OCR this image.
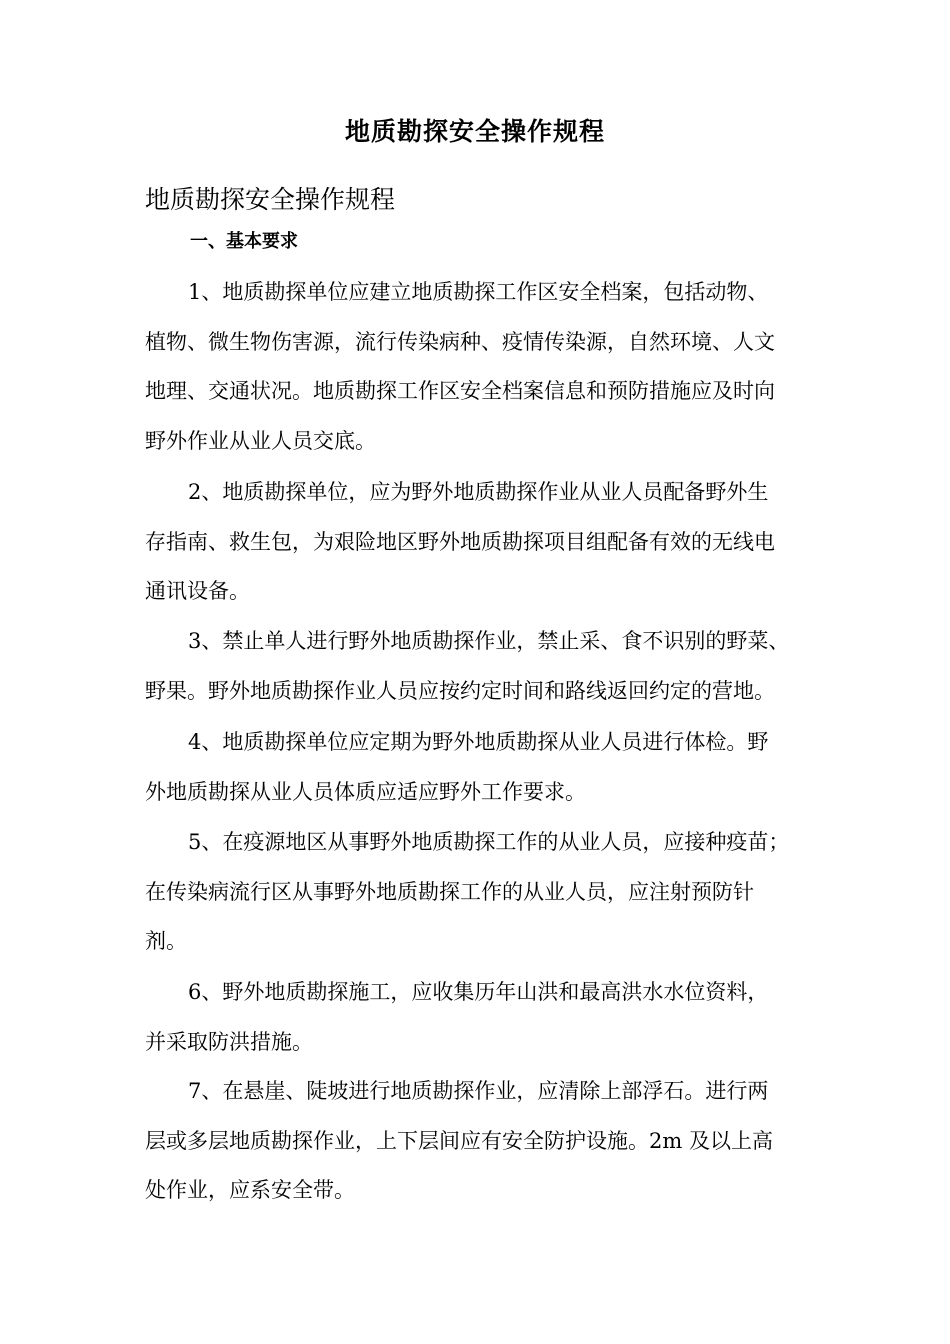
地质勘探安全操作规程
地质勘探安全操作规程
一、基本要求
1、地质勘探单位应建立地质勘探工作区安全档案，包括动物、
植物、微生物伤害源，流行传染病种、疫情传染源，自然环境、人文
地理、交通状况。地质勘探工作区安全档案信息和预防措施应及时向
野外作业从业人员交底。
2、地质勘探单位，应为野外地质勘探作业从业人员配备野外生
存指南、救生包，为艰险地区野外地质勘探项目组配备有效的无线电
通讯设备。
3、禁止单人进行野外地质勘探作业，禁止采、食不识别的野菜、
野果。野外地质勘探作业人员应按约定时间和路线返回约定的营地。
4、地质勘探单位应定期为野外地质勘探从业人员进行体检。野
外地质勘探从业人员体质应适应野外工作要求。
5、在疫源地区从事野外地质勘探工作的从业人员，应接种疫苗；
在传染病流行区从事野外地质勘探工作的从业人员，应注射预防针
剂。
6、野外地质勘探施工，应收集历年山洪和最高洪水水位资料，
并采取防洪措施。
7、在悬崖、陡坡进行地质勘探作业，应清除上部浮石。进行两
层或多层地质勘探作业，上下层间应有安全防护设施。2m 及以上高
处作业，应系安全带。
